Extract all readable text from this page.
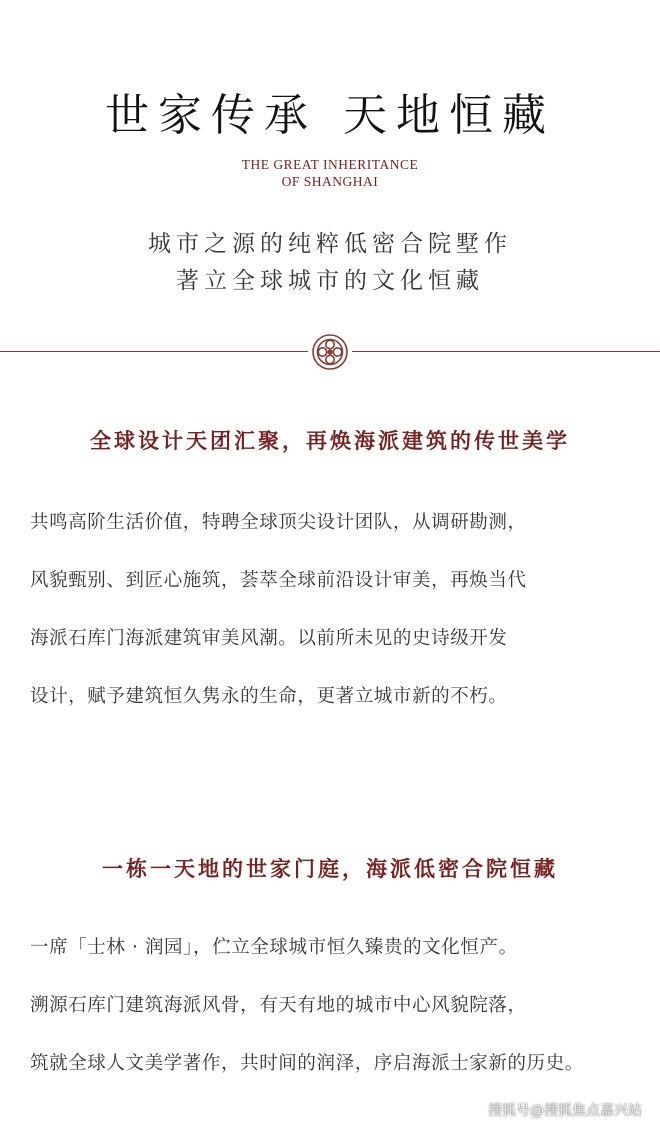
世家传承 天地恒藏
THE GREAT INHERITANCE
OF SHANGHAI
城市之源的纯粹低密合院墅作
著立全球城市的文化恒藏
全球设计天团汇聚，再焕海派建筑的传世美学
共鸣高阶生活价值，特聘全球顶尖设计团队，从调研勘测，
风貌甄别、到匠心施筑，荟萃全球前沿设计审美，再焕当代
海派石库门海派建筑审美风潮。以前所未见的史诗级开发
设计，赋予建筑恒久隽永的生命，更著立城市新的不朽。
一栋一天地的世家门庭，海派低密合院恒藏
一席「士林 · 润园」，伫立全球城市恒久臻贵的文化恒产。
溯源石库门建筑海派风骨，有天有地的城市中心风貌院落，
筑就全球人文美学著作，共时间的润泽，序启海派士家新的历史。
搜狐号@搜狐焦点嘉兴站
